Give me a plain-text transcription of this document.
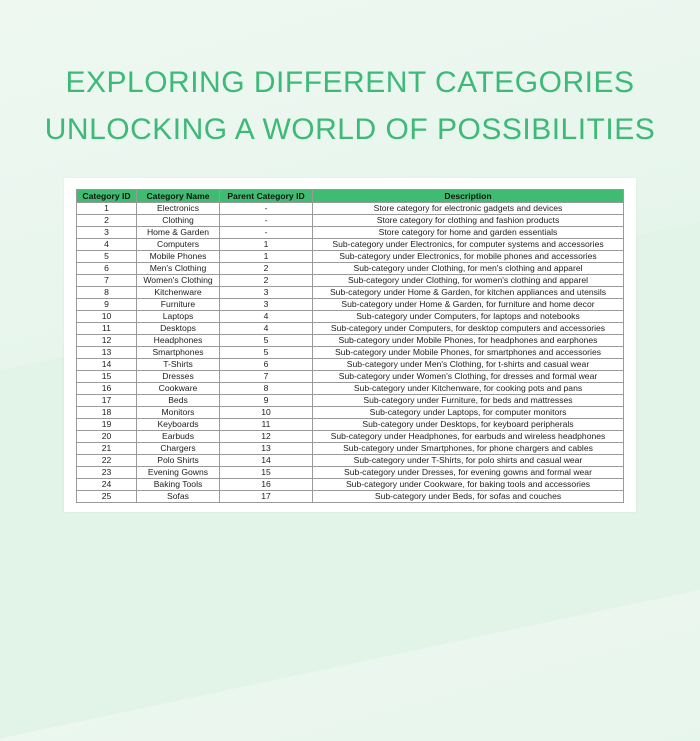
EXPLORING DIFFERENT CATEGORIES
UNLOCKING A WORLD OF POSSIBILITIES
Category ID	Category Name	Parent Category ID	Description
1	Electronics	-	Store category for electronic gadgets and devices
2	Clothing	-	Store category for clothing and fashion products
3	Home & Garden	-	Store category for home and garden essentials
4	Computers	1	Sub-category under Electronics, for computer systems and accessories
5	Mobile Phones	1	Sub-category under Electronics, for mobile phones and accessories
6	Men's Clothing	2	Sub-category under Clothing, for men's clothing and apparel
7	Women's Clothing	2	Sub-category under Clothing, for women's clothing and apparel
8	Kitchenware	3	Sub-category under Home & Garden, for kitchen appliances and utensils
9	Furniture	3	Sub-category under Home & Garden, for furniture and home decor
10	Laptops	4	Sub-category under Computers, for laptops and notebooks
11	Desktops	4	Sub-category under Computers, for desktop computers and accessories
12	Headphones	5	Sub-category under Mobile Phones, for headphones and earphones
13	Smartphones	5	Sub-category under Mobile Phones, for smartphones and accessories
14	T-Shirts	6	Sub-category under Men's Clothing, for t-shirts and casual wear
15	Dresses	7	Sub-category under Women's Clothing, for dresses and formal wear
16	Cookware	8	Sub-category under Kitchenware, for cooking pots and pans
17	Beds	9	Sub-category under Furniture, for beds and mattresses
18	Monitors	10	Sub-category under Laptops, for computer monitors
19	Keyboards	11	Sub-category under Desktops, for keyboard peripherals
20	Earbuds	12	Sub-category under Headphones, for earbuds and wireless headphones
21	Chargers	13	Sub-category under Smartphones, for phone chargers and cables
22	Polo Shirts	14	Sub-category under T-Shirts, for polo shirts and casual wear
23	Evening Gowns	15	Sub-category under Dresses, for evening gowns and formal wear
24	Baking Tools	16	Sub-category under Cookware, for baking tools and accessories
25	Sofas	17	Sub-category under Beds, for sofas and couches
